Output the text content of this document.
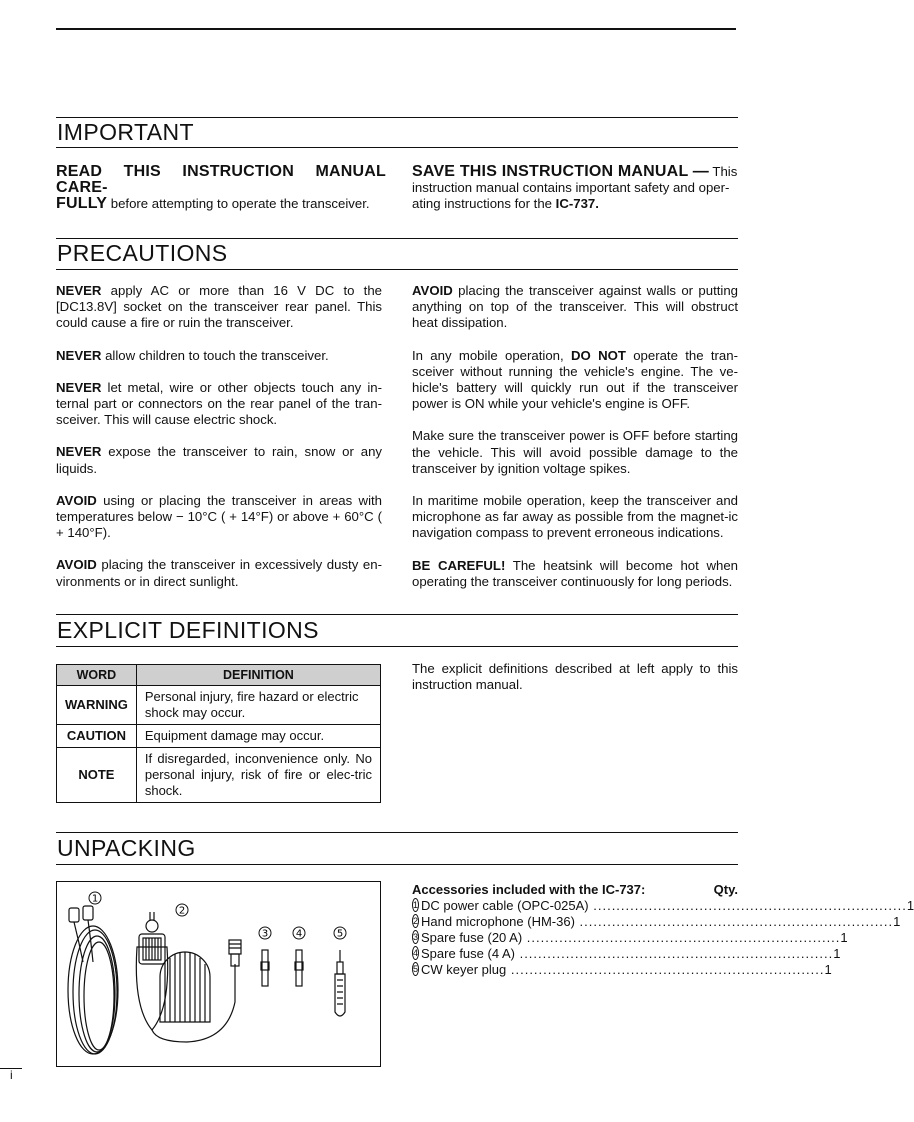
IMPORTANT
READ THIS INSTRUCTION MANUAL CARE-
FULLY before attempting to operate the transceiver.
SAVE THIS INSTRUCTION MANUAL — This instruction manual contains important safety and oper-ating instructions for the IC-737.
PRECAUTIONS

NEVER apply AC or more than 16 V DC to the [DC13.8V] socket on the transceiver rear panel. This could cause a fire or ruin the transceiver.

NEVER allow children to touch the transceiver.

NEVER let metal, wire or other objects touch any in-ternal part or connectors on the rear panel of the tran-sceiver. This will cause electric shock.

NEVER expose the transceiver to rain, snow or any liquids.

AVOID using or placing the transceiver in areas with temperatures below − 10°C ( + 14°F) or above + 60°C ( + 140°F).

AVOID placing the transceiver in excessively dusty en-vironments or in direct sunlight.

AVOID placing the transceiver against walls or putting anything on top of the transceiver. This will obstruct heat dissipation.

In any mobile operation, DO NOT operate the tran-sceiver without running the vehicle's engine. The ve-hicle's battery will quickly run out if the transceiver power is ON while your vehicle's engine is OFF.

Make sure the transceiver power is OFF before starting the vehicle. This will avoid possible damage to the transceiver by ignition voltage spikes.

In maritime mobile operation, keep the transceiver and microphone as far away as possible from the magnet-ic navigation compass to prevent erroneous indications.

BE CAREFUL! The heatsink will become hot when operating the transceiver continuously for long periods.

EXPLICIT DEFINITIONS
WORD	DEFINITION
WARNING	Personal injury, fire hazard or electric shock may occur.
CAUTION	Equipment damage may occur.
NOTE	If disregarded, inconvenience only. No personal injury, risk of fire or elec-tric shock.
The explicit definitions described at left apply to this instruction manual.
UNPACKING
1
2
3	4	5
Accessories included with the IC-737:	Qty.
1 DC power cable (OPC-025A) .................................................................... 1
2 Hand microphone (HM-36) .................................................................... 1
3 Spare fuse (20 A) .................................................................... 1
4 Spare fuse (4 A) .................................................................... 1
5 CW keyer plug .................................................................... 1
i
